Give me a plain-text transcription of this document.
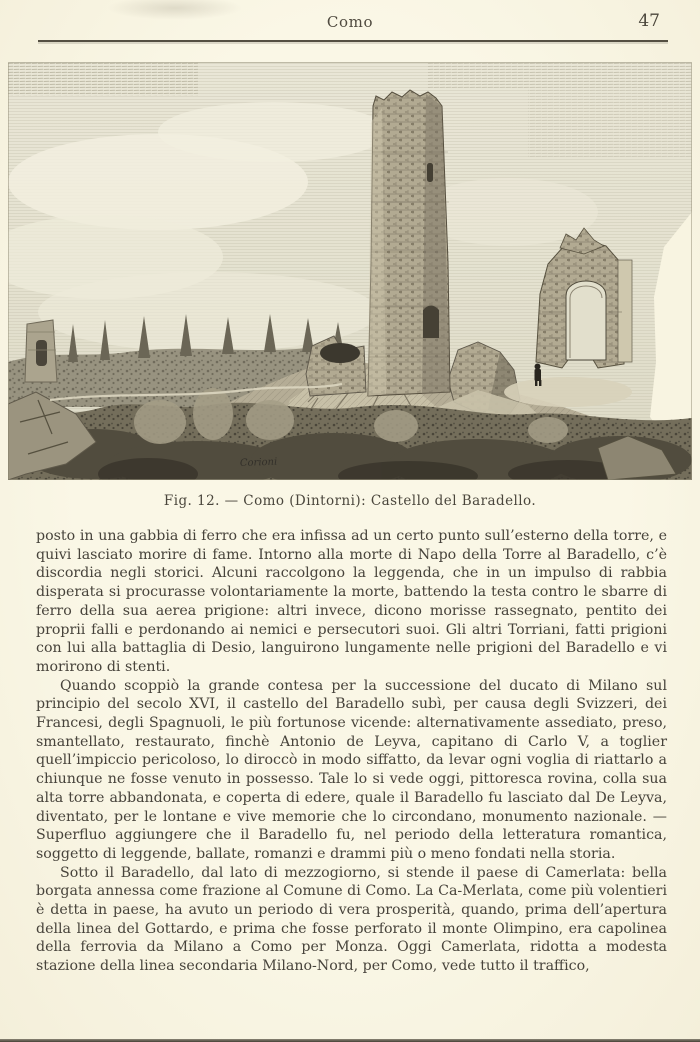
Como	47
Corioni
Fig. 12. — Como (Dintorni): Castello del Baradello.

posto in una gabbia di ferro che era infissa ad un certo punto sull’esterno della torre, e quivi lasciato morire di fame. Intorno alla morte di Napo della Torre al Baradello, c’è discordia negli storici. Alcuni raccolgono la leggenda, che in un impulso di rabbia disperata si procurasse volontariamente la morte, battendo la testa contro le sbarre di ferro della sua aerea prigione: altri invece, dicono morisse rassegnato, pentito dei proprii falli e perdonando ai nemici e persecutori suoi. Gli altri Torriani, fatti prigioni con lui alla battaglia di Desio, languirono lungamente nelle prigioni del Baradello e vi morirono di stenti.

Quando scoppiò la grande contesa per la successione del ducato di Milano sul principio del secolo XVI, il castello del Baradello subì, per causa degli Svizzeri, dei Francesi, degli Spagnuoli, le più fortunose vicende: alternativamente assediato, preso, smantellato, restaurato, finchè Antonio de Leyva, capitano di Carlo V, a toglier quell’impiccio pericoloso, lo diroccò in modo siffatto, da levar ogni voglia di riattarlo a chiunque ne fosse venuto in possesso. Tale lo si vede oggi, pittoresca rovina, colla sua alta torre abbandonata, e coperta di edere, quale il Baradello fu lasciato dal De Leyva, diventato, per le lontane e vive memorie che lo circondano, monumento nazionale. — Superfluo aggiungere che il Baradello fu, nel periodo della letteratura romantica, soggetto di leggende, ballate, romanzi e drammi più o meno fondati nella storia.

Sotto il Baradello, dal lato di mezzogiorno, si stende il paese di Camerlata: bella borgata annessa come frazione al Comune di Como. La Ca-Merlata, come più volentieri è detta in paese, ha avuto un periodo di vera prosperità, quando, prima dell’apertura della linea del Gottardo, e prima che fosse perforato il monte Olimpino, era capolinea della ferrovia da Milano a Como per Monza. Oggi Camerlata, ridotta a modesta stazione della linea secondaria Milano-Nord, per Como, vede tutto il traffico,
